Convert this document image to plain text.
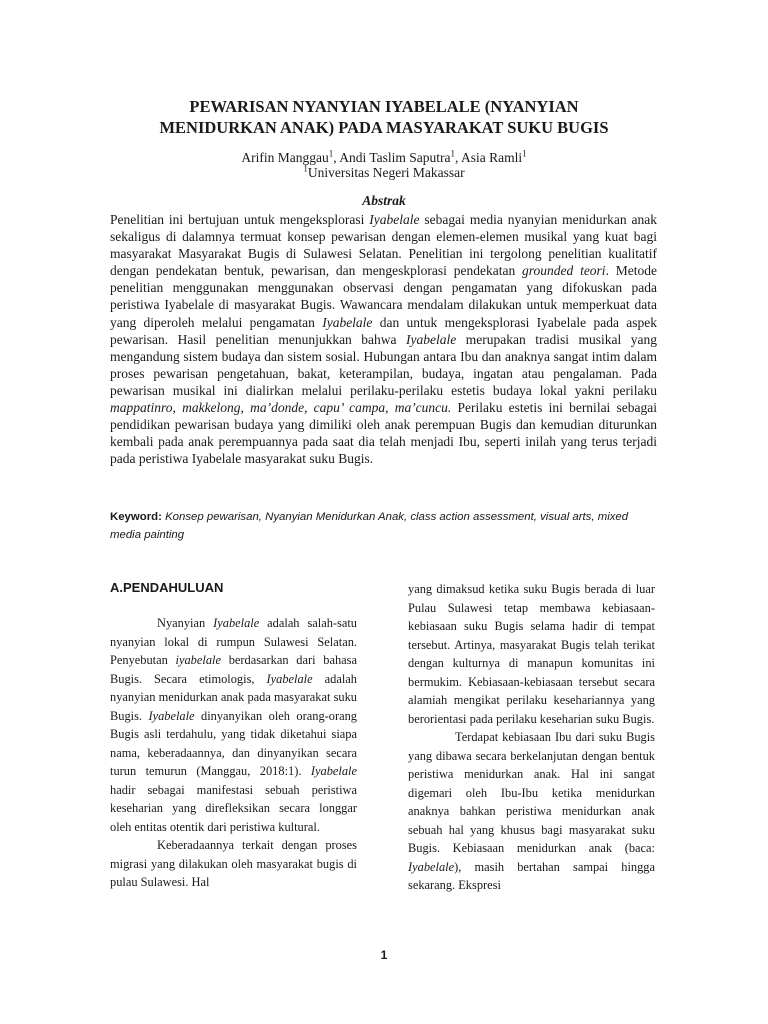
PEWARISAN NYANYIAN IYABELALE (NYANYIAN
MENIDURKAN ANAK) PADA MASYARAKAT SUKU BUGIS
Arifin Manggau$^1$, Andi Taslim Saputra$^1$, Asia Ramli$^1$
$^1$Universitas Negeri Makassar
Abstrak
Penelitian ini bertujuan untuk mengeksplorasi Iyabelale sebagai media nyanyian menidurkan anak sekaligus di dalamnya termuat konsep pewarisan dengan elemen-elemen musikal yang kuat bagi masyarakat Masyarakat Bugis di Sulawesi Selatan. Penelitian ini tergolong penelitian kualitatif dengan pendekatan bentuk, pewarisan, dan mengeskplorasi pendekatan grounded teori. Metode penelitian menggunakan menggunakan observasi dengan pengamatan yang difokuskan pada peristiwa Iyabelale di masyarakat Bugis. Wawancara mendalam dilakukan untuk memperkuat data yang diperoleh melalui pengamatan Iyabelale dan untuk mengeksplorasi Iyabelale pada aspek pewarisan. Hasil penelitian menunjukkan bahwa Iyabelale merupakan tradisi musikal yang mengandung sistem budaya dan sistem sosial. Hubungan antara Ibu dan anaknya sangat intim dalam proses pewarisan pengetahuan, bakat, keterampilan, budaya, ingatan atau pengalaman. Pada pewarisan musikal ini dialirkan melalui perilaku-perilaku estetis budaya lokal yakni perilaku mappatinro, makkelong, ma’donde, capu’ campa, ma’cuncu. Perilaku estetis ini bernilai sebagai pendidikan pewarisan budaya yang dimiliki oleh anak perempuan Bugis dan kemudian diturunkan kembali pada anak perempuannya pada saat dia telah menjadi Ibu, seperti inilah yang terus terjadi pada peristiwa Iyabelale masyarakat suku Bugis.
Keyword: Konsep pewarisan, Nyanyian Menidurkan Anak, class action assessment, visual arts, mixed media painting
A.PENDAHULUAN

Nyanyian Iyabelale adalah salah-satu nyanyian lokal di rumpun Sulawesi Selatan. Penyebutan iyabelale berdasarkan dari bahasa Bugis. Secara etimologis, Iyabelale adalah nyanyian menidurkan anak pada masyarakat suku Bugis. Iyabelale dinyanyikan oleh orang-orang Bugis asli terdahulu, yang tidak diketahui siapa nama, keberadaannya, dan dinyanyikan secara turun temurun (Manggau, 2018:1). Iyabelale hadir sebagai manifestasi sebuah peristiwa keseharian yang direfleksikan secara longgar oleh entitas otentik dari peristiwa kultural.

Keberadaannya terkait dengan proses migrasi yang dilakukan oleh masyarakat bugis di pulau Sulawesi. Hal

yang dimaksud ketika suku Bugis berada di luar Pulau Sulawesi tetap membawa kebiasaan-kebiasaan suku Bugis selama hadir di tempat tersebut. Artinya, masyarakat Bugis telah terikat dengan kulturnya di manapun komunitas ini bermukim. Kebiasaan-kebiasaan tersebut secara alamiah mengikat perilaku kesehariannya yang berorientasi pada perilaku keseharian suku Bugis.

Terdapat kebiasaan Ibu dari suku Bugis yang dibawa secara berkelanjutan dengan bentuk peristiwa menidurkan anak. Hal ini sangat digemari oleh Ibu-Ibu ketika menidurkan anaknya bahkan peristiwa menidurkan anak sebuah hal yang khusus bagi masyarakat suku Bugis. Kebiasaan menidurkan anak (baca: Iyabelale), masih bertahan sampai hingga sekarang. Ekspresi

1
